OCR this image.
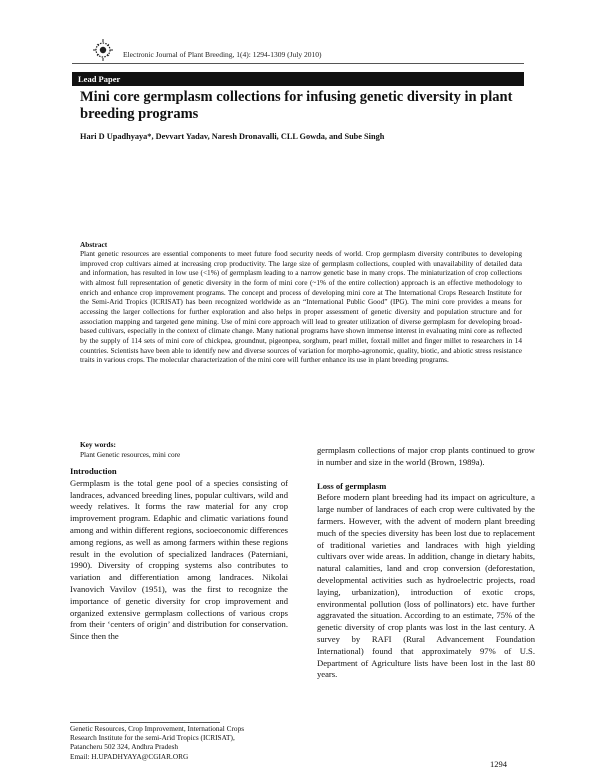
Electronic Journal of Plant Breeding, 1(4): 1294-1309 (July 2010)
Lead Paper
Mini core germplasm collections for infusing genetic diversity in plant breeding programs
Hari D Upadhyaya*, Devvart Yadav, Naresh Dronavalli, CLL Gowda, and Sube Singh
Abstract
Plant genetic resources are essential components to meet future food security needs of world. Crop germplasm diversity contributes to developing improved crop cultivars aimed at increasing crop productivity. The large size of germplasm collections, coupled with unavailability of detailed data and information, has resulted in low use (<1%) of germplasm leading to a narrow genetic base in many crops. The miniaturization of crop collections with almost full representation of genetic diversity in the form of mini core (~1% of the entire collection) approach is an effective methodology to enrich and enhance crop improvement programs. The concept and process of developing mini core at The International Crops Research Institute for the Semi-Arid Tropics (ICRISAT) has been recognized worldwide as an “International Public Good” (IPG). The mini core provides a means for accessing the larger collections for further exploration and also helps in proper assessment of genetic diversity and population structure and for association mapping and targeted gene mining. Use of mini core approach will lead to greater utilization of diverse germplasm for developing broad-based cultivars, especially in the context of climate change. Many national programs have shown immense interest in evaluating mini core as reflected by the supply of 114 sets of mini core of chickpea, groundnut, pigeonpea, sorghum, pearl millet, foxtail millet and finger millet to researchers in 14 countries. Scientists have been able to identify new and diverse sources of variation for morpho-agronomic, quality, biotic, and abiotic stress resistance traits in various crops. The molecular characterization of the mini core will further enhance its use in plant breeding programs.
Key words:
Plant Genetic resources, mini core

Introduction

Germplasm is the total gene pool of a species consisting of landraces, advanced breeding lines, popular cultivars, wild and weedy relatives. It forms the raw material for any crop improvement program. Edaphic and climatic variations found among and within different regions, socioeconomic differences among regions, as well as among farmers within these regions result in the evolution of specialized landraces (Paterniani, 1990). Diversity of cropping systems also contributes to variation and differentiation among landraces. Nikolai Ivanovich Vavilov (1951), was the first to recognize the importance of genetic diversity for crop improvement and organized extensive germplasm collections of various crops from their ‘centers of origin’ and distribution for conservation. Since then the

germplasm collections of major crop plants continued to grow in number and size in the world (Brown, 1989a).

Loss of germplasm

Before modern plant breeding had its impact on agriculture, a large number of landraces of each crop were cultivated by the farmers. However, with the advent of modern plant breeding much of the species diversity has been lost due to replacement of traditional varieties and landraces with high yielding cultivars over wide areas. In addition, change in dietary habits, natural calamities, land and crop conversion (deforestation, developmental activities such as hydroelectric projects, road laying, urbanization), introduction of exotic crops, environmental pollution (loss of pollinators) etc. have further aggravated the situation. According to an estimate, 75% of the genetic diversity of crop plants was lost in the last century. A survey by RAFI (Rural Advancement Foundation International) found that approximately 97% of U.S. Department of Agriculture lists have been lost in the last 80 years.

Genetic Resources, Crop Improvement, International Crops
Research Institute for the semi-Arid Tropics (ICRISAT),
Patancheru 502 324, Andhra Pradesh
Email: H.UPADHYAYA@CGIAR.ORG
1294
